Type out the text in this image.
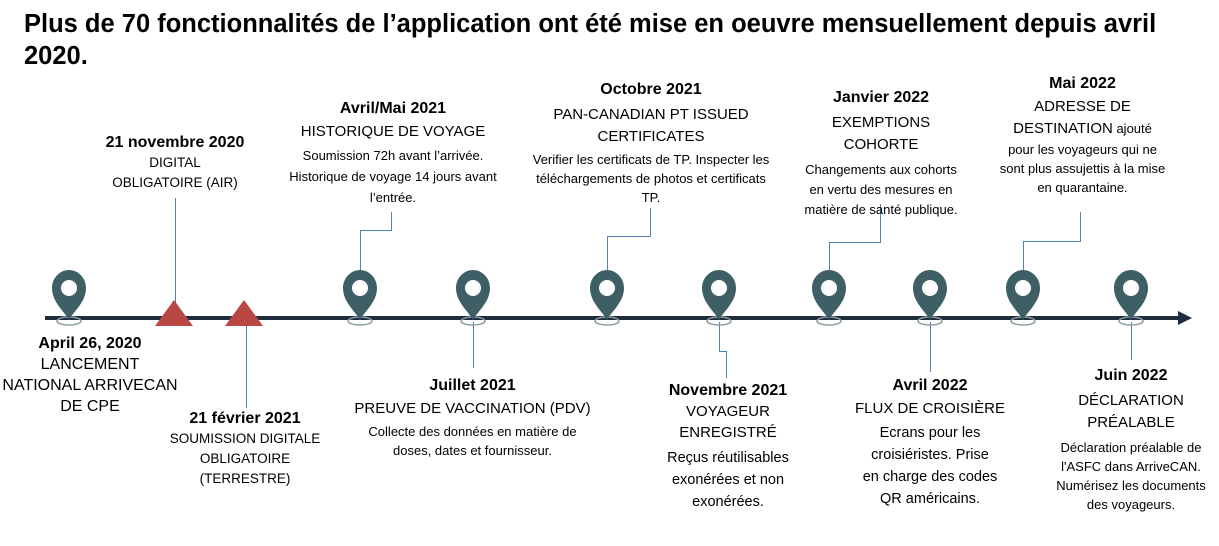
Plus de 70 fonctionnalités de l’application ont été mise en oeuvre mensuellement depuis avril 2020.
April 26, 2020
LANCEMENT NATIONAL ARRIVECAN DE CPE
21 novembre 2020
DIGITAL OBLIGATOIRE (AIR)
21 février 2021
SOUMISSION DIGITALE OBLIGATOIRE (TERRESTRE)
Avril/Mai 2021
HISTORIQUE DE VOYAGE
Soumission 72h avant l’arrivée. Historique de voyage 14 jours avant l’entrée.
Juillet 2021
PREUVE DE VACCINATION (PDV)
Collecte des données en matière de doses, dates et fournisseur.
Octobre 2021
PAN-CANADIAN PT ISSUED CERTIFICATES
Verifier les certificats de TP. Inspecter les téléchargements de photos et certificats TP.
Novembre 2021
VOYAGEUR ENREGISTRÉ
Reçus réutilisables exonérées et non exonérées.
Janvier 2022
EXEMPTIONS COHORTE
Changements aux cohorts en vertu des mesures en matière de santé publique.
Avril 2022
FLUX DE CROISIÈRE
Ecrans pour les croisiéristes. Prise en charge des codes QR américains.
Mai 2022
ADRESSE DE DESTINATION ajouté
pour les voyageurs qui ne sont plus assujettis à la mise en quarantaine.
Juin 2022
DÉCLARATION PRÉALABLE
Déclaration préalable de l'ASFC dans ArriveCAN. Numérisez les documents des voyageurs.
